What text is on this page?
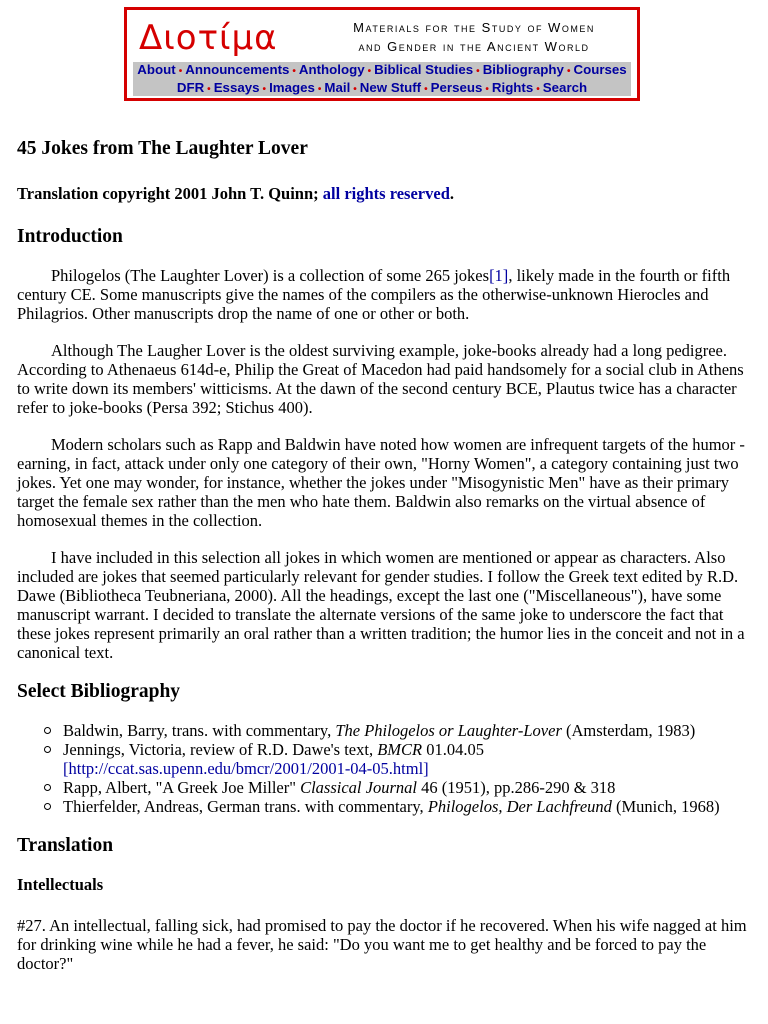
Διοτίμα	Materials for the Study of Women
and Gender in the Ancient World
About • Announcements • Anthology • Biblical Studies • Bibliography • Courses
DFR • Essays • Images • Mail • New Stuff • Perseus • Rights • Search
45 Jokes from The Laughter Lover
Translation copyright 2001 John T. Quinn; all rights reserved.
Introduction

Philogelos (The Laughter Lover) is a collection of some 265 jokes[1], likely made in the fourth or fifth century CE. Some manuscripts give the names of the compilers as the otherwise-unknown Hierocles and Philagrios. Other manuscripts drop the name of one or other or both.

Although The Laugher Lover is the oldest surviving example, joke-books already had a long pedigree. According to Athenaeus 614d-e, Philip the Great of Macedon had paid handsomely for a social club in Athens to write down its members' witticisms. At the dawn of the second century BCE, Plautus twice has a character refer to joke-books (Persa 392; Stichus 400).

Modern scholars such as Rapp and Baldwin have noted how women are infrequent targets of the humor - earning, in fact, attack under only one category of their own, "Horny Women", a category containing just two jokes. Yet one may wonder, for instance, whether the jokes under "Misogynistic Men" have as their primary target the female sex rather than the men who hate them. Baldwin also remarks on the virtual absence of homosexual themes in the collection.

I have included in this selection all jokes in which women are mentioned or appear as characters. Also included are jokes that seemed particularly relevant for gender studies. I follow the Greek text edited by R.D. Dawe (Bibliotheca Teubneriana, 2000). All the headings, except the last one ("Miscellaneous"), have some manuscript warrant. I decided to translate the alternate versions of the same joke to underscore the fact that these jokes represent primarily an oral rather than a written tradition; the humor lies in the conceit and not in a canonical text.

Select Bibliography
Baldwin, Barry, trans. with commentary, The Philogelos or Laughter-Lover (Amsterdam, 1983)
Jennings, Victoria, review of R.D. Dawe's text, BMCR 01.04.05
[http://ccat.sas.upenn.edu/bmcr/2001/2001-04-05.html]
Rapp, Albert, "A Greek Joe Miller" Classical Journal 46 (1951), pp.286-290 & 318
Thierfelder, Andreas, German trans. with commentary, Philogelos, Der Lachfreund (Munich, 1968)
Translation
Intellectuals

#27. An intellectual, falling sick, had promised to pay the doctor if he recovered. When his wife nagged at him for drinking wine while he had a fever, he said: "Do you want me to get healthy and be forced to pay the doctor?"
